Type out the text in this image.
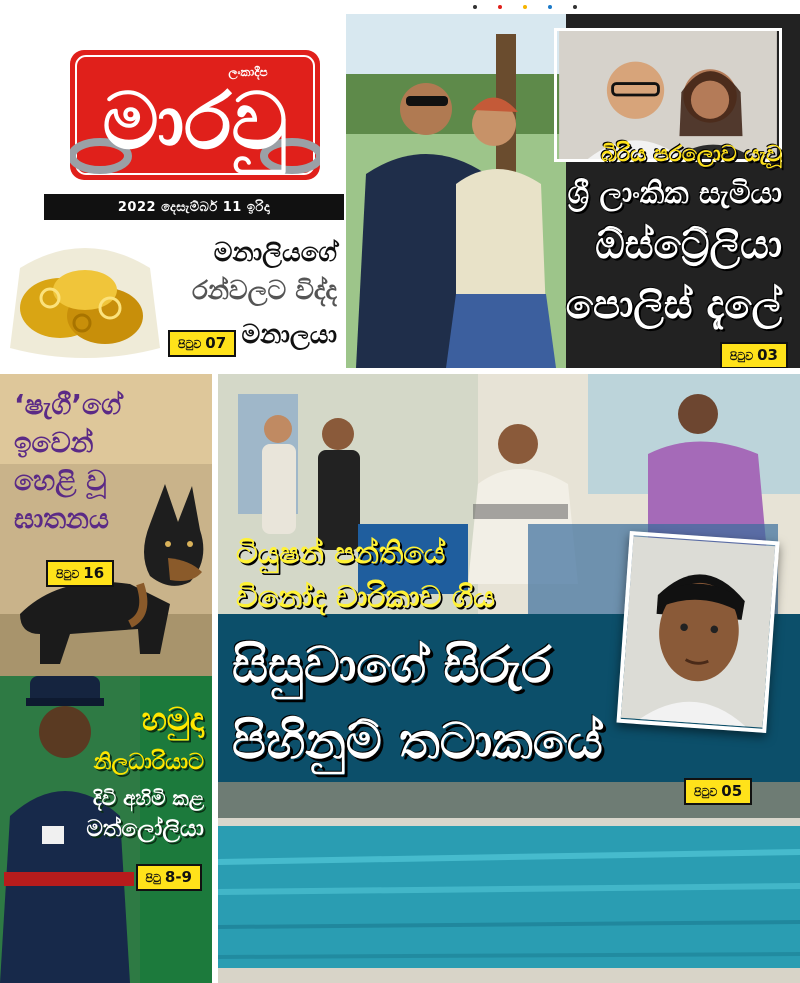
මාරවු
ලංකාදීප
2022 දෙසැම්බර් 11 ඉරිදා
මනාලියගේ
රන්වලට විද්ද
මනාලයා
පිටුව 07
බිරිය පරලොව යැවූ
ශ්‍රී ලාංකික සැමියා
ඕස්ට්‍රේලියා
පොලිස් දැලේ
පිටුව 03
‘ෂැගී’ගේ
ඉවෙන්
හෙළි වූ
ඝාතනය
පිටුව 16
හමුදා
නිලධාරියාට
දිවි අහිමි කළ
මත්ලෝලියා
පිටු 8-9
ටියුෂන් පන්තියේ
විනෝද චාරිකාව ගිය
සිසුවාගේ සිරුර
පිහිනුම් තටාකයේ
පිටුව 05
